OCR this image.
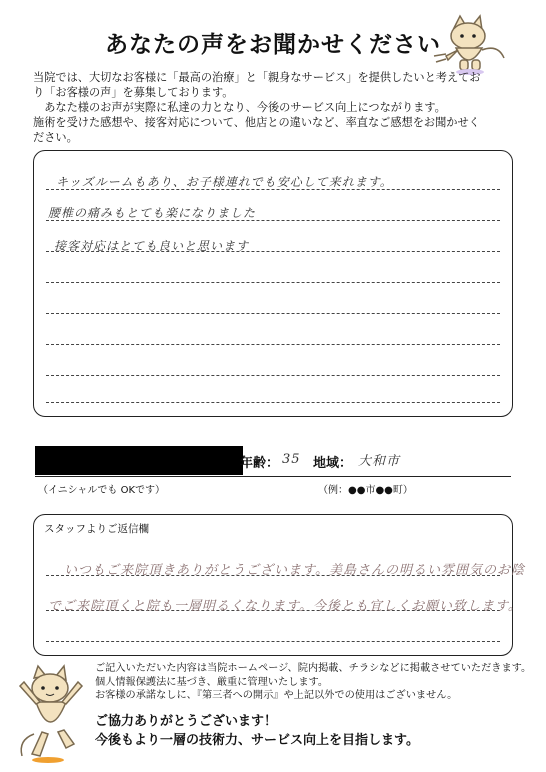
あなたの声をお聞かせください
当院では、大切なお客様に「最高の治療」と「親身なサービス」を提供したいと考えてお
り「お客様の声」を募集しております。
　あなた様のお声が実際に私達の力となり、今後のサービス向上につながります。
施術を受けた感想や、接客対応について、他店との違いなど、率直なご感想をお聞かせく
ださい。
キッズルームもあり、お子様連れでも安心して来れます。
腰椎の痛みもとても楽になりました
接客対応はとても良いと思います
年齢： 35 地域： 大和市
（イニシャルでも OKです）	（例：●●市●●町）
スタッフよりご返信欄
いつもご来院頂きありがとうございます。美島さんの明るい雰囲気のお陰
でご来院頂くと院も一層明るくなります。今後とも宜しくお願い致します。
ご記入いただいた内容は当院ホームページ、院内掲載、チラシなどに掲載させていただきます。
個人情報保護法に基づき、厳重に管理いたします。
お客様の承諾なしに、『第三者への開示』や上記以外での使用はございません。
ご協力ありがとうございます！
今後もより一層の技術力、サービス向上を目指します。
